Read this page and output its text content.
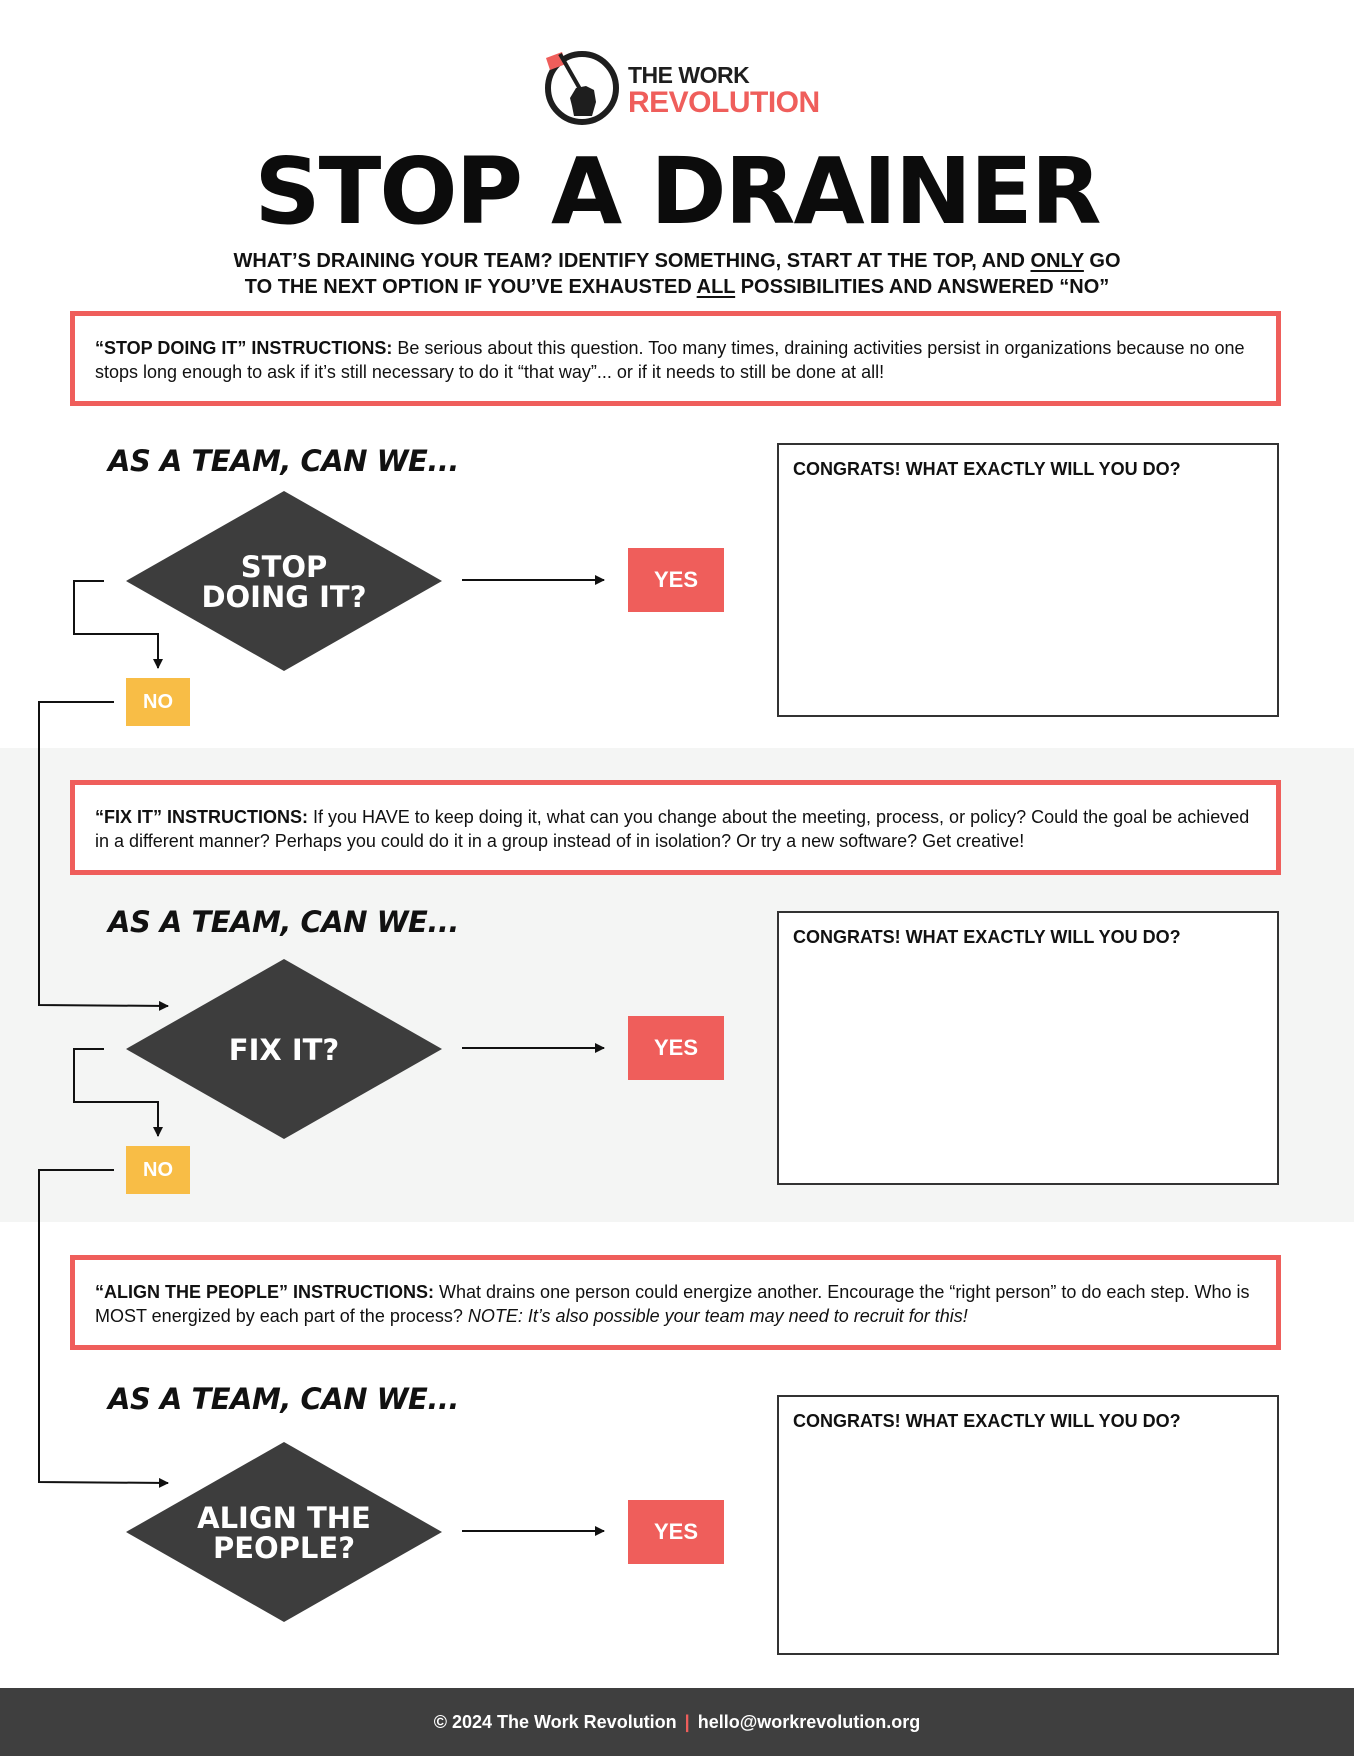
THE WORK
REVOLUTION
STOP A DRAINER
WHAT’S DRAINING YOUR TEAM? IDENTIFY SOMETHING, START AT THE TOP, AND ONLY GO
TO THE NEXT OPTION IF YOU’VE EXHAUSTED ALL POSSIBILITIES AND ANSWERED “NO”
“STOP DOING IT” INSTRUCTIONS: Be serious about this question. Too many times, draining activities persist in organizations because no one stops long enough to ask if it’s still necessary to do it “that way”... or if it needs to still be done at all!
AS A TEAM, CAN WE...
STOP
DOING IT?
YES
NO
CONGRATS! WHAT EXACTLY WILL YOU DO?
“FIX IT” INSTRUCTIONS: If you HAVE to keep doing it, what can you change about the meeting, process, or policy? Could the goal be achieved in a different manner? Perhaps you could do it in a group instead of in isolation? Or try a new software? Get creative!
AS A TEAM, CAN WE...
FIX IT?	YES
NO
CONGRATS! WHAT EXACTLY WILL YOU DO?
“ALIGN THE PEOPLE” INSTRUCTIONS: What drains one person could energize another. Encourage the “right person” to do each step. Who is MOST energized by each part of the process? NOTE: It’s also possible your team may need to recruit for this!
AS A TEAM, CAN WE...
ALIGN THE
PEOPLE?	YES
CONGRATS! WHAT EXACTLY WILL YOU DO?
© 2024 The Work Revolution | hello@workrevolution.org
